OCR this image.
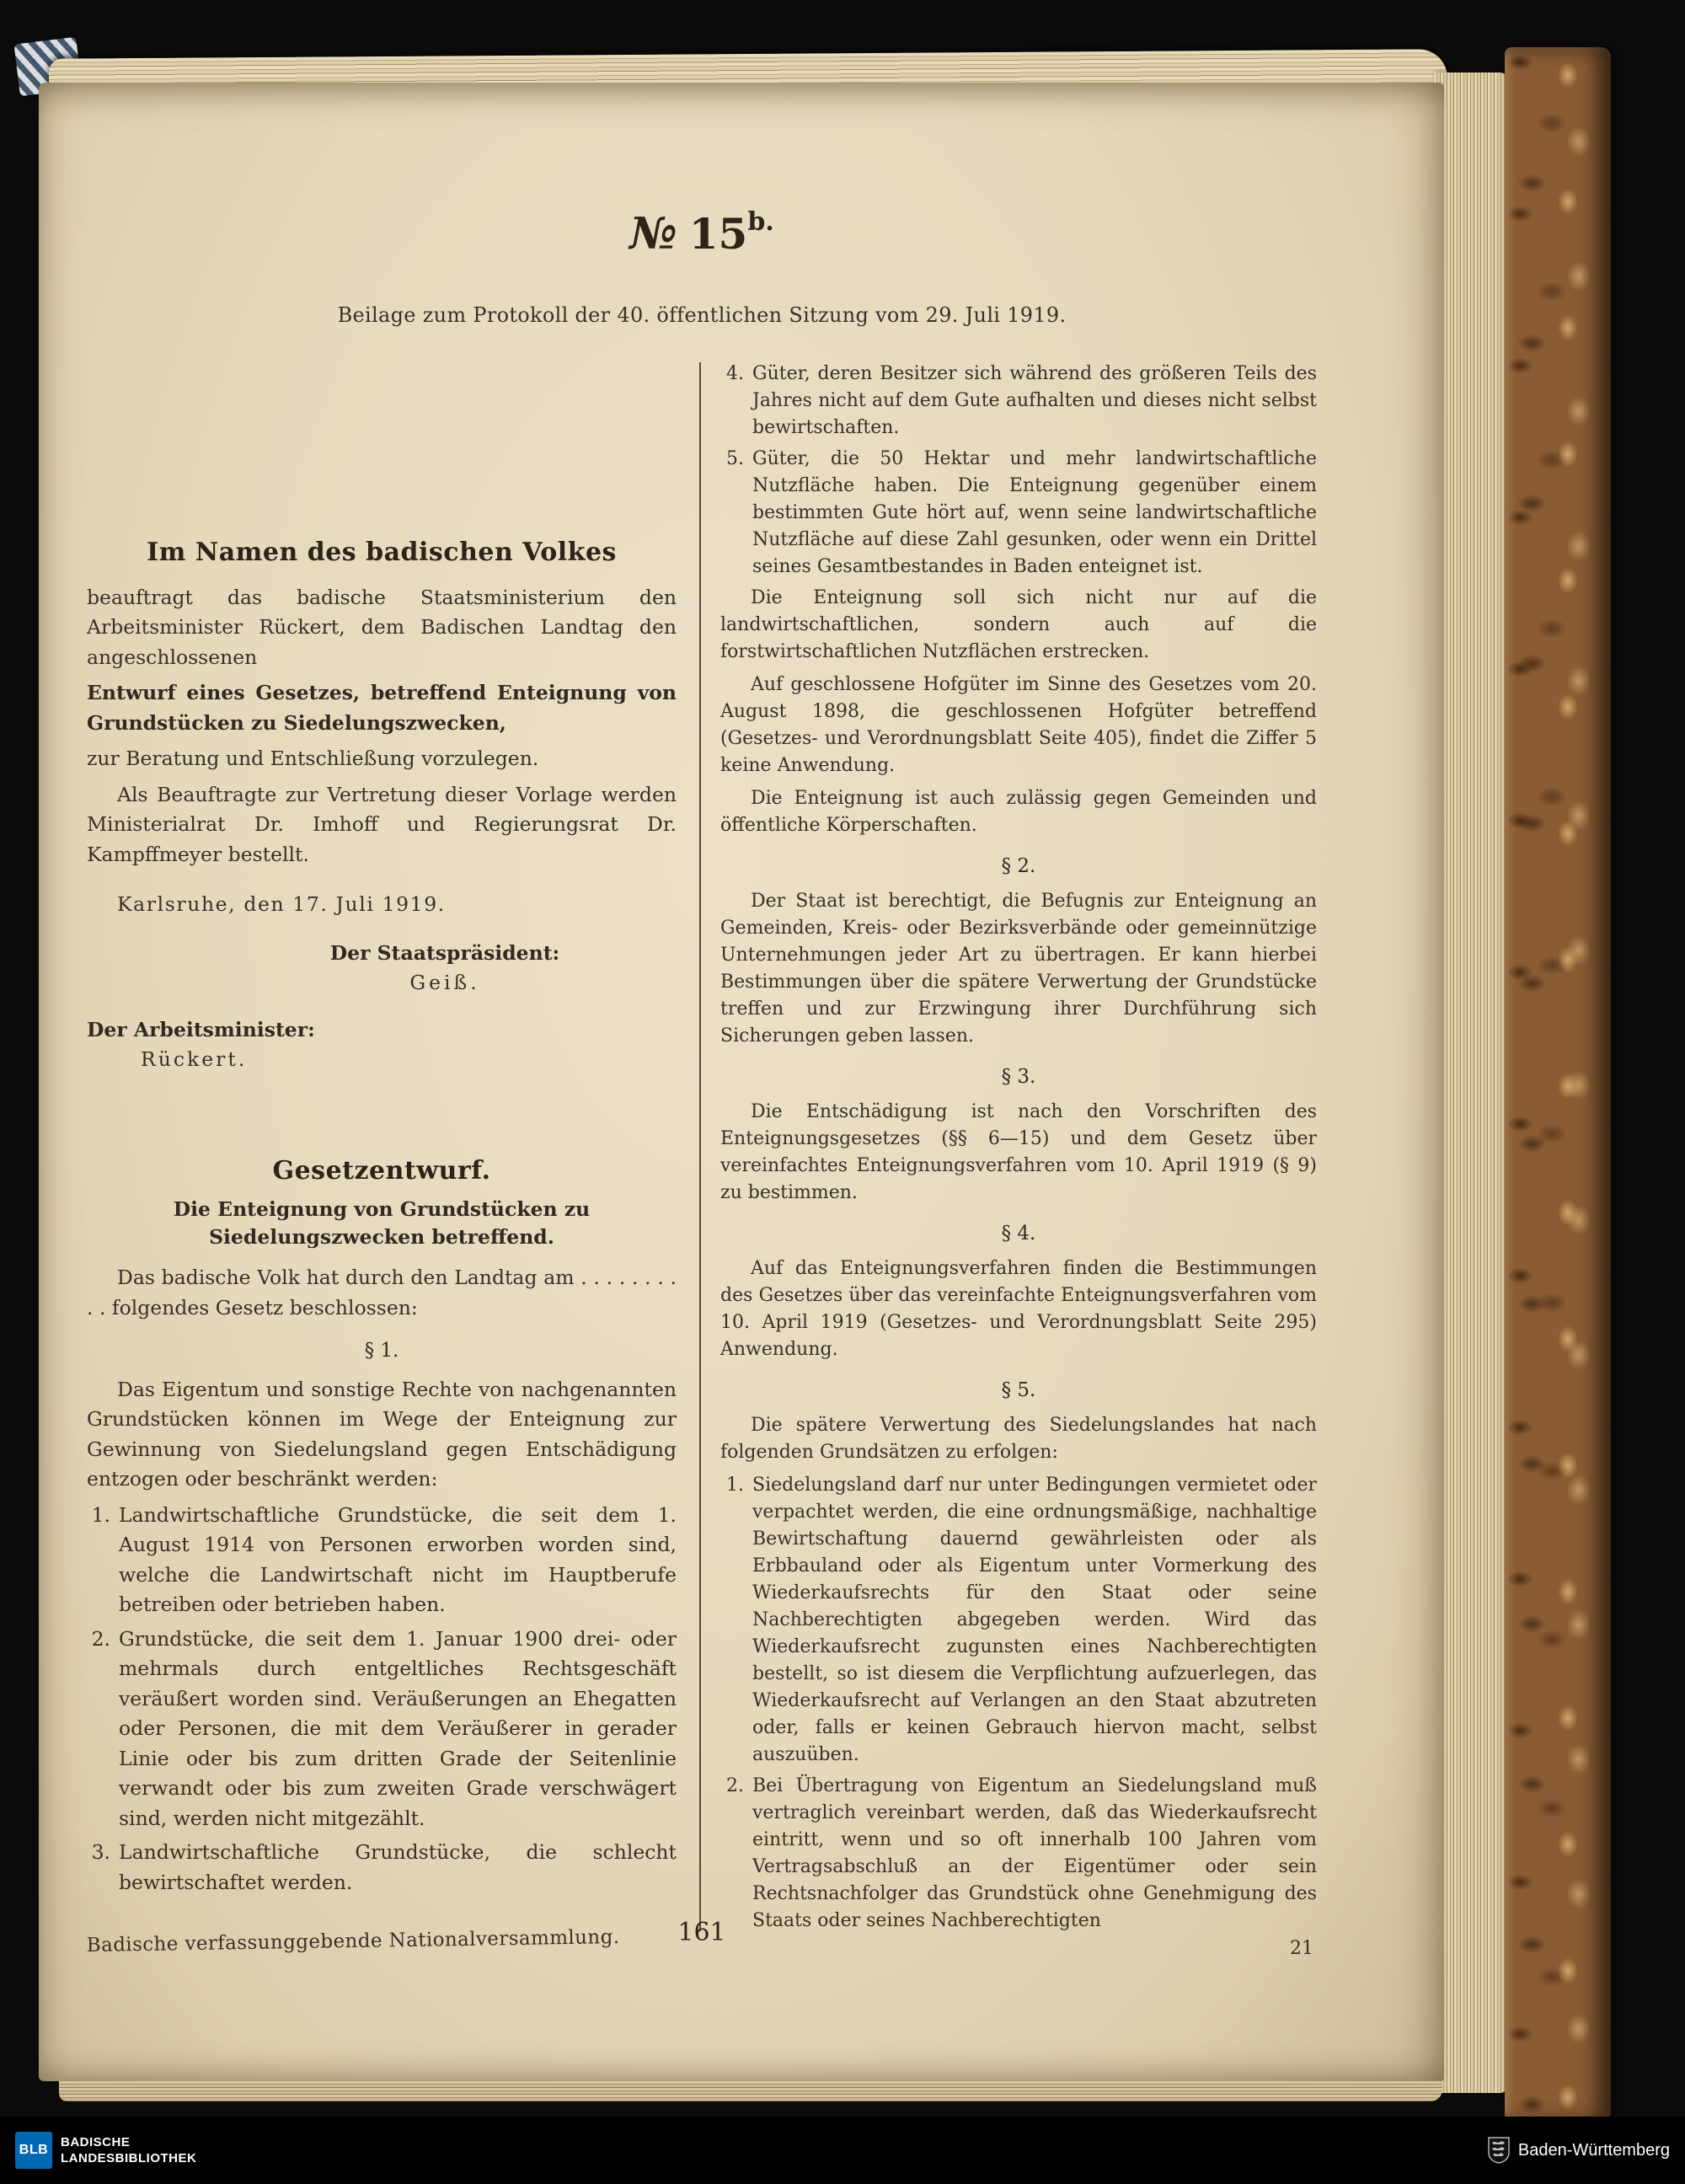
№ 15b.
Beilage zum Protokoll der 40. öffentlichen Sitzung vom 29. Juli 1919.
Im Namen des badischen Volkes

beauftragt das badische Staatsministerium den Arbeitsminister Rückert, dem Badischen Landtag den angeschlossenen

Entwurf eines Gesetzes, betreffend Enteignung von Grundstücken zu Siedelungszwecken,

zur Beratung und Entschließung vorzulegen.

Als Beauftragte zur Vertretung dieser Vorlage werden Ministerialrat Dr. Imhoff und Regierungsrat Dr. Kampffmeyer bestellt.

Karlsruhe, den 17. Juli 1919.

Der Staatspräsident:
Geiß.
Der Arbeitsminister:
Rückert.
Gesetzentwurf.

Die Enteignung von Grundstücken zu Siedelungszwecken betreffend.

Das badische Volk hat durch den Landtag am . . . . . . . . . . folgendes Gesetz beschlossen:

§ 1.

Das Eigentum und sonstige Rechte von nachgenannten Grundstücken können im Wege der Enteignung zur Gewinnung von Siedelungsland gegen Entschädigung entzogen oder beschränkt werden:

1. Landwirtschaftliche Grundstücke, die seit dem 1. August 1914 von Personen erworben worden sind, welche die Landwirtschaft nicht im Hauptberufe betreiben oder betrieben haben.
2. Grundstücke, die seit dem 1. Januar 1900 drei- oder mehrmals durch entgeltliches Rechtsgeschäft veräußert worden sind. Veräußerungen an Ehegatten oder Personen, die mit dem Veräußerer in gerader Linie oder bis zum dritten Grade der Seitenlinie verwandt oder bis zum zweiten Grade verschwägert sind, werden nicht mitgezählt.
3. Landwirtschaftliche Grundstücke, die schlecht bewirtschaftet werden.
4. Güter, deren Besitzer sich während des größeren Teils des Jahres nicht auf dem Gute aufhalten und dieses nicht selbst bewirtschaften.
5. Güter, die 50 Hektar und mehr landwirtschaftliche Nutzfläche haben. Die Enteignung gegenüber einem bestimmten Gute hört auf, wenn seine landwirtschaftliche Nutzfläche auf diese Zahl gesunken, oder wenn ein Drittel seines Gesamtbestandes in Baden enteignet ist.

Die Enteignung soll sich nicht nur auf die landwirtschaftlichen, sondern auch auf die forstwirtschaftlichen Nutzflächen erstrecken.

Auf geschlossene Hofgüter im Sinne des Gesetzes vom 20. August 1898, die geschlossenen Hofgüter betreffend (Gesetzes- und Verordnungsblatt Seite 405), findet die Ziffer 5 keine Anwendung.

Die Enteignung ist auch zulässig gegen Gemeinden und öffentliche Körperschaften.

§ 2.

Der Staat ist berechtigt, die Befugnis zur Enteignung an Gemeinden, Kreis- oder Bezirksverbände oder gemeinnützige Unternehmungen jeder Art zu übertragen. Er kann hierbei Bestimmungen über die spätere Verwertung der Grundstücke treffen und zur Erzwingung ihrer Durchführung sich Sicherungen geben lassen.

§ 3.

Die Entschädigung ist nach den Vorschriften des Enteignungsgesetzes (§§ 6—15) und dem Gesetz über vereinfachtes Enteignungsverfahren vom 10. April 1919 (§ 9) zu bestimmen.

§ 4.

Auf das Enteignungsverfahren finden die Bestimmungen des Gesetzes über das vereinfachte Enteignungsverfahren vom 10. April 1919 (Gesetzes- und Verordnungsblatt Seite 295) Anwendung.

§ 5.

Die spätere Verwertung des Siedelungslandes hat nach folgenden Grundsätzen zu erfolgen:

1. Siedelungsland darf nur unter Bedingungen vermietet oder verpachtet werden, die eine ordnungsmäßige, nachhaltige Bewirtschaftung dauernd gewährleisten oder als Erbbauland oder als Eigentum unter Vormerkung des Wiederkaufsrechts für den Staat oder seine Nachberechtigten abgegeben werden. Wird das Wiederkaufsrecht zugunsten eines Nachberechtigten bestellt, so ist diesem die Verpflichtung aufzuerlegen, das Wiederkaufsrecht auf Verlangen an den Staat abzutreten oder, falls er keinen Gebrauch hiervon macht, selbst auszuüben.
2. Bei Übertragung von Eigentum an Siedelungsland muß vertraglich vereinbart werden, daß das Wiederkaufsrecht eintritt, wenn und so oft innerhalb 100 Jahren vom Vertragsabschluß an der Eigentümer oder sein Rechtsnachfolger das Grundstück ohne Genehmigung des Staats oder seines Nachberechtigten
Badische verfassunggebende Nationalversammlung.	161
21
BLB
BADISCHE
LANDESBIBLIOTHEK	Baden-Württemberg
